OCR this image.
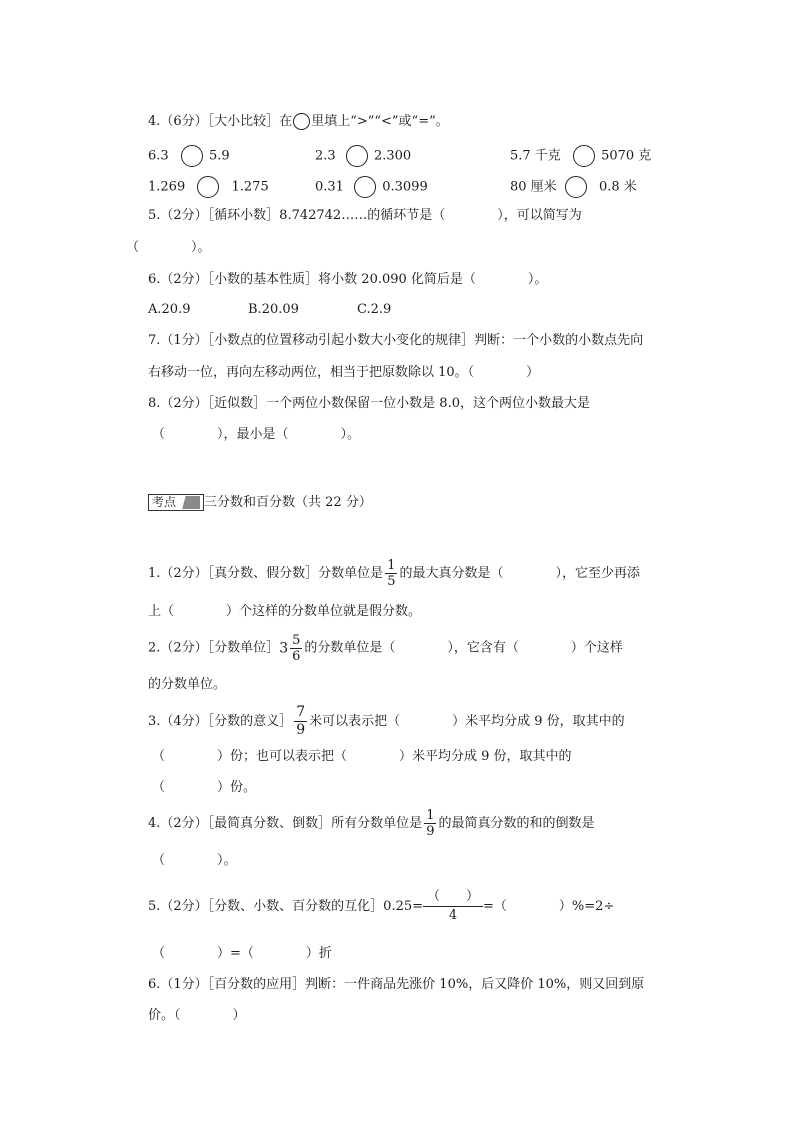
4.（6分）［大小比较］在 里填上“>”“<”或“=”。
6.3	5.9	2.3	2.300	5.7 千克	5070 克
1.269	1.275	0.31	0.3099	80 厘米	0.8 米
5.（2分）［循环小数］8.742742……的循环节是（　　　　），可以简写为
（　　　　）。
6.（2分）［小数的基本性质］将小数 20.090 化简后是（　　　　）。
A.20.9	B.20.09	C.2.9
7.（1分）［小数点的位置移动引起小数大小变化的规律］判断：一个小数的小数点先向
右移动一位，再向左移动两位，相当于把原数除以 10。（　　　　）
8.（2分）［近似数］一个两位小数保留一位小数是 8.0，这个两位小数最大是
（　　　　），最小是（　　　　）。
考点 三分数和百分数（共 22 分）
1.（2分）［真分数、假分数］分数单位是 $\frac{1}{5}$ 的最大真分数是（　　　　），它至少再添
上（　　　　）个这样的分数单位就是假分数。
2.（2分）［分数单位］3 $\frac{5}{6}$ 的分数单位是（　　　　），它含有（　　　　）个这样
的分数单位。
3.（4分）［分数的意义］ $\frac{7}{9}$ 米可以表示把（　　　　）米平均分成 9 份，取其中的
（　　　　）份；也可以表示把（　　　　）米平均分成 9 份，取其中的
（　　　　）份。
4.（2分）［最简真分数、倒数］所有分数单位是 $\frac{1}{9}$ 的最简真分数的和的倒数是
（　　　　）。
5.（2分）［分数、小数、百分数的互化］0.25=
（　　）
4=（　　　　）%=2÷
（　　　　）=（　　　　）折
6.（1分）［百分数的应用］判断：一件商品先涨价 10%，后又降价 10%，则又回到原
价。（　　　　）
